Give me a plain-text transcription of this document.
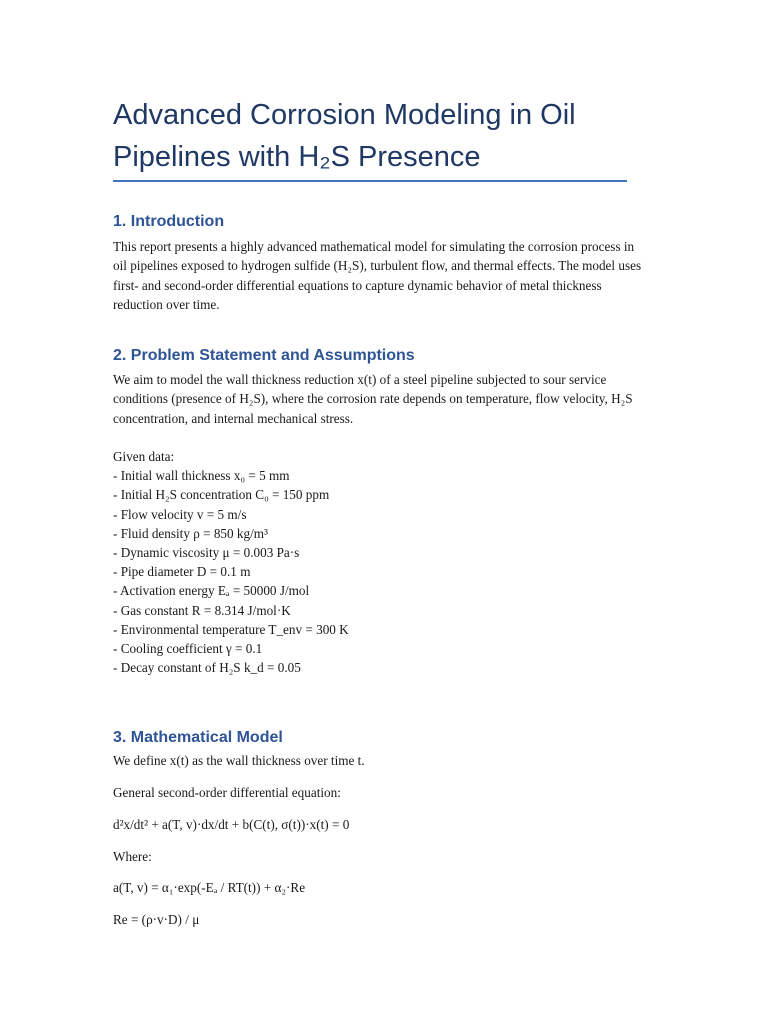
Advanced Corrosion Modeling in Oil Pipelines with H₂S Presence
1. Introduction

This report presents a highly advanced mathematical model for simulating the corrosion process in oil pipelines exposed to hydrogen sulfide (H₂S), turbulent flow, and thermal effects. The model uses first- and second-order differential equations to capture dynamic behavior of metal thickness reduction over time.

2. Problem Statement and Assumptions

We aim to model the wall thickness reduction x(t) of a steel pipeline subjected to sour service conditions (presence of H₂S), where the corrosion rate depends on temperature, flow velocity, H₂S concentration, and internal mechanical stress.

Given data:
- Initial wall thickness x₀ = 5 mm
- Initial H₂S concentration C₀ = 150 ppm
- Flow velocity v = 5 m/s
- Fluid density ρ = 850 kg/m³
- Dynamic viscosity μ = 0.003 Pa·s
- Pipe diameter D = 0.1 m
- Activation energy Eₐ = 50000 J/mol
- Gas constant R = 8.314 J/mol·K
- Environmental temperature T_env = 300 K
- Cooling coefficient γ = 0.1
- Decay constant of H₂S k_d = 0.05
3. Mathematical Model
We define x(t) as the wall thickness over time t.
General second-order differential equation:
d²x/dt² + a(T, v)·dx/dt + b(C(t), σ(t))·x(t) = 0
Where:
a(T, v) = α₁·exp(-Eₐ / RT(t)) + α₂·Re
Re = (ρ·v·D) / μ
